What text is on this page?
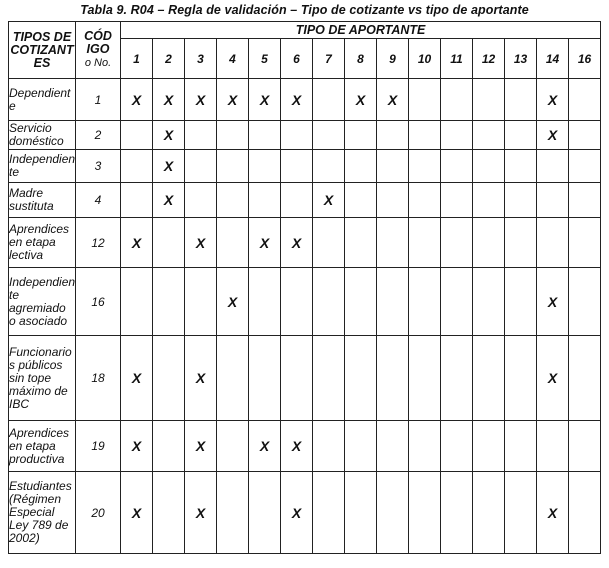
Tabla 9. R04 – Regla de validación – Tipo de cotizante vs tipo de aportante
TIPOS DE COTIZANT ES	CÓD IGO
o No.	TIPO DE APORTANTE														
		1	2	3	4	5	6	7	8	9	10	11	12	13	14	16
Dependient e	1	X	X	X	X	X	X		X	X					X	
Servicio doméstico	2		X												X	
Independien te	3		X													
Madre sustituta	4		X					X								
Aprendices en etapa lectiva	12	X		X		X	X									
Independien te agremiado o asociado	16				X										X	
Funcionario s públicos sin tope máximo de IBC	18	X		X											X	
Aprendices en etapa productiva	19	X		X		X	X									
Estudiantes (Régimen Especial Ley 789 de 2002)	20	X		X			X								X	
